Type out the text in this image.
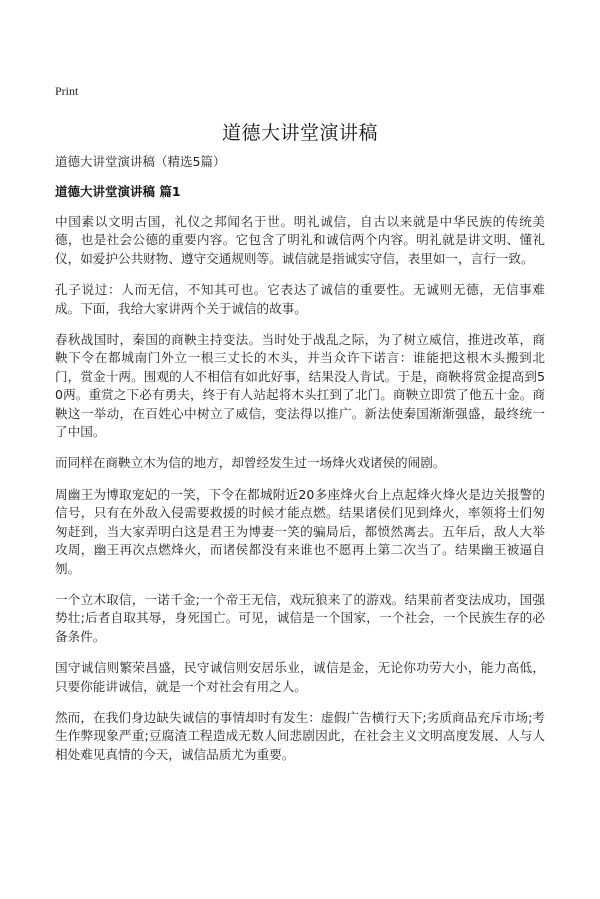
Print
道德大讲堂演讲稿
道德大讲堂演讲稿（精选5篇）
道德大讲堂演讲稿 篇1

中国素以文明古国，礼仪之邦闻名于世。明礼诚信，自古以来就是中华民族的传统美德，也是社会公德的重要内容。它包含了明礼和诚信两个内容。明礼就是讲文明、懂礼仪，如爱护公共财物、遵守交通规则等。诚信就是指诚实守信，表里如一，言行一致。

孔子说过：人而无信，不知其可也。它表达了诚信的重要性。无诚则无德，无信事难成。下面，我给大家讲两个关于诚信的故事。

春秋战国时，秦国的商鞅主持变法。当时处于战乱之际，为了树立威信，推进改革，商鞅下令在都城南门外立一根三丈长的木头，并当众许下诺言：谁能把这根木头搬到北门，赏金十两。围观的人不相信有如此好事，结果没人肯试。于是，商鞅将赏金提高到50两。重赏之下必有勇夫，终于有人站起将木头扛到了北门。商鞅立即赏了他五十金。商鞅这一举动，在百姓心中树立了威信，变法得以推广。新法使秦国渐渐强盛，最终统一了中国。

而同样在商鞅立木为信的地方，却曾经发生过一场烽火戏诸侯的闹剧。

周幽王为博取宠妃的一笑，下令在都城附近20多座烽火台上点起烽火烽火是边关报警的信号，只有在外敌入侵需要救援的时候才能点燃。结果诸侯们见到烽火，率领将士们匆匆赶到，当大家弄明白这是君王为博妻一笑的骗局后，都愤然离去。五年后，敌人大举攻周，幽王再次点燃烽火，而诸侯都没有来谁也不愿再上第二次当了。结果幽王被逼自刎。

一个立木取信，一诺千金;一个帝王无信，戏玩狼来了的游戏。结果前者变法成功，国强势壮;后者自取其辱，身死国亡。可见，诚信是一个国家，一个社会，一个民族生存的必备条件。

国守诚信则繁荣昌盛，民守诚信则安居乐业，诚信是金，无论你功劳大小，能力高低，只要你能讲诚信，就是一个对社会有用之人。

然而，在我们身边缺失诚信的事情却时有发生：虚假广告横行天下;劣质商品充斥市场;考生作弊现象严重;豆腐渣工程造成无数人间悲剧因此，在社会主义文明高度发展、人与人相处难见真情的今天，诚信品质尤为重要。
